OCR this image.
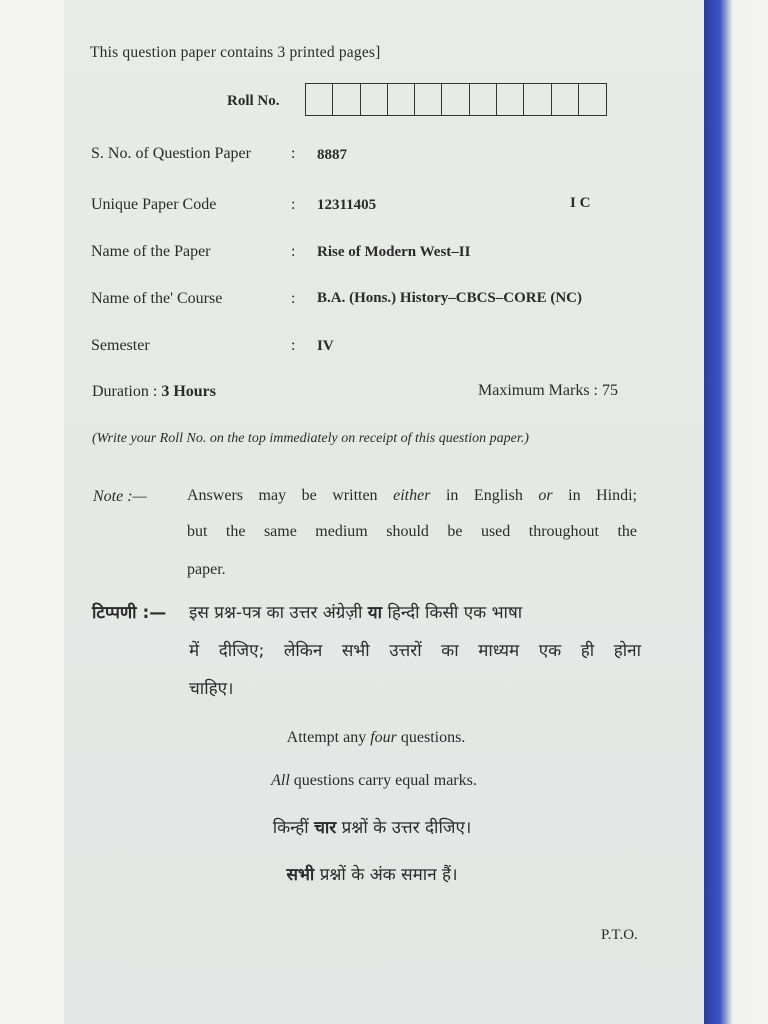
This question paper contains 3 printed pages]
Roll No.
S. No. of Question Paper	: 8887
Unique Paper Code	: 12311405	I C
Name of the Paper	: Rise of Modern West–II
Name of the' Course	: B.A. (Hons.) History–CBCS–CORE (NC)
Semester	: IV
Duration : 3 Hours	Maximum Marks : 75
(Write your Roll No. on the top immediately on receipt of this question paper.)
Note :—	Answers may be written either in English or in Hindi;
but the same medium should be used throughout the
paper.
टिप्पणी :— इस प्रश्न-पत्र का उत्तर अंग्रेज़ी या हिन्दी किसी एक भाषा
में दीजिए; लेकिन सभी उत्तरों का माध्यम एक ही होना
चाहिए।
Attempt any four questions.
All questions carry equal marks.
किन्हीं चार प्रश्नों के उत्तर दीजिए।
सभी प्रश्नों के अंक समान हैं।
P.T.O.
